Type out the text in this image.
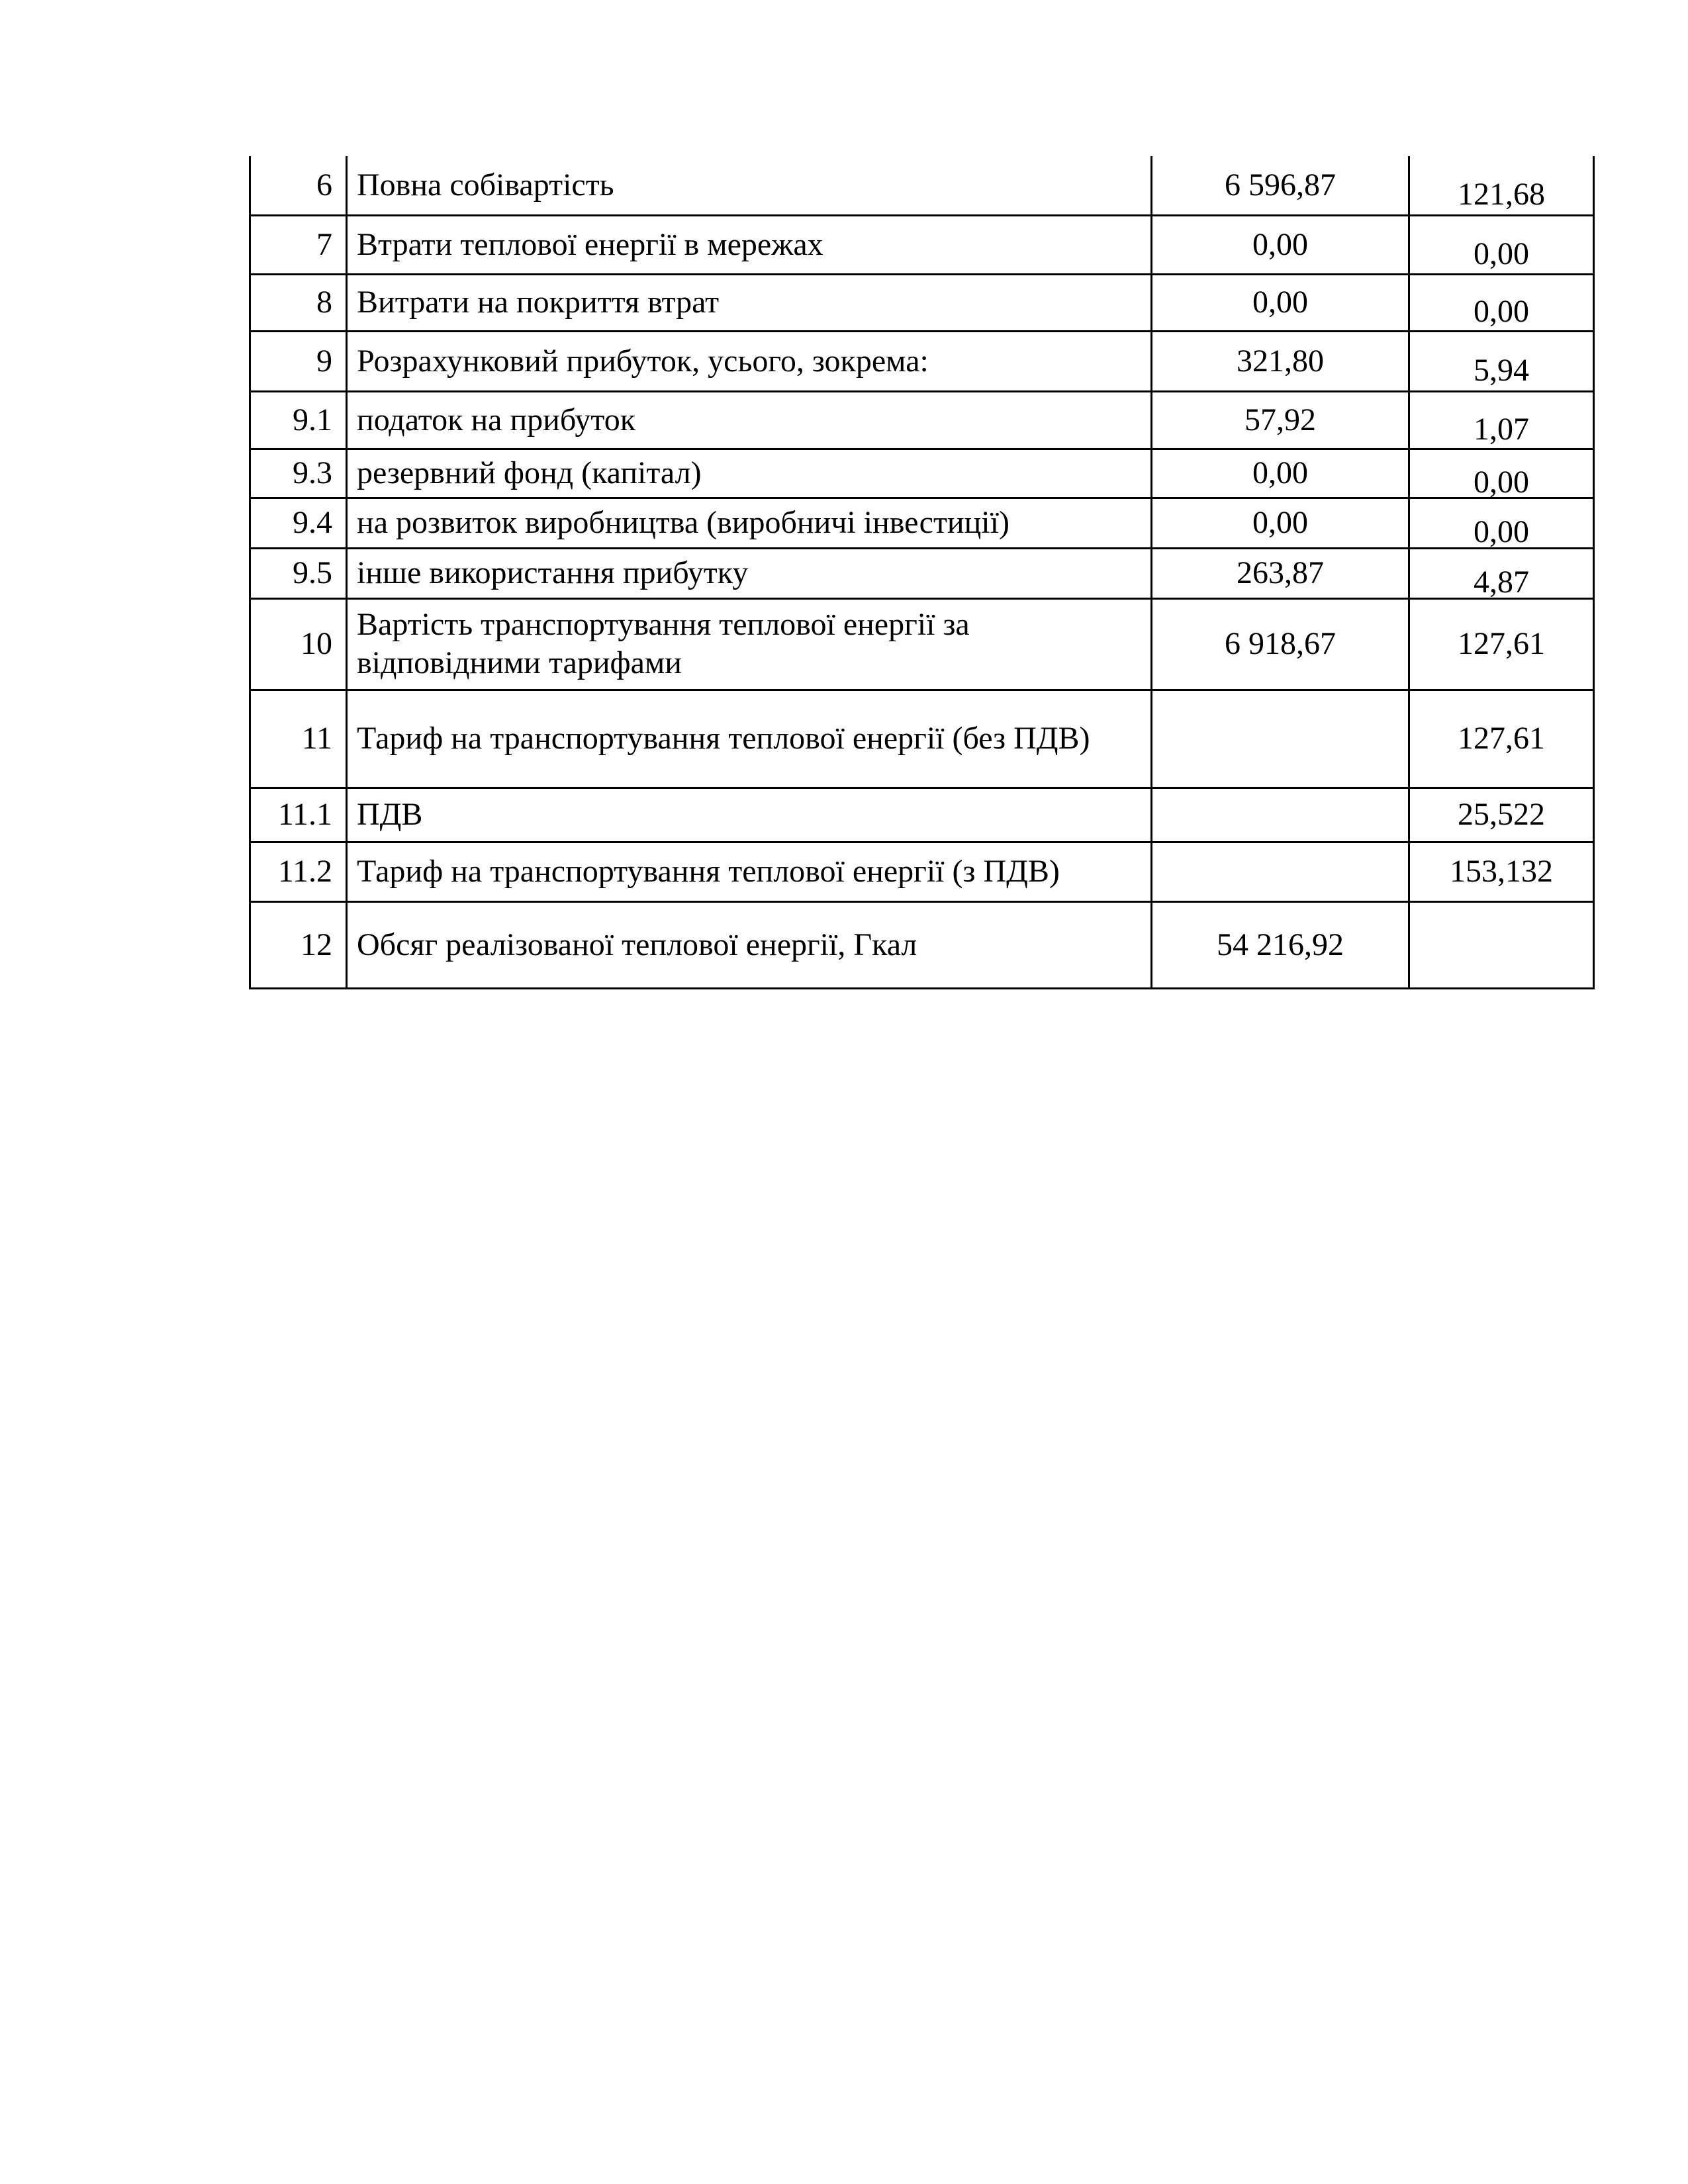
6	Повна собівартість	6 596,87	121,68
7	Втрати теплової енергії в мережах	0,00	0,00
8	Витрати на покриття втрат	0,00	0,00
9	Розрахунковий прибуток, усього, зокрема:	321,80	5,94
9.1	податок на прибуток	57,92	1,07
9.3	резервний фонд (капітал)	0,00	0,00
9.4	на розвиток виробництва (виробничі інвестиції)	0,00	0,00
9.5	інше використання прибутку	263,87	4,87
10	Вартість транспортування теплової енергії за відповідними тарифами	6 918,67	127,61
11	Тариф на транспортування теплової енергії (без ПДВ)		127,61
11.1	ПДВ		25,522
11.2	Тариф на транспортування теплової енергії (з ПДВ)		153,132
12	Обсяг реалізованої теплової енергії, Гкал	54 216,92	
